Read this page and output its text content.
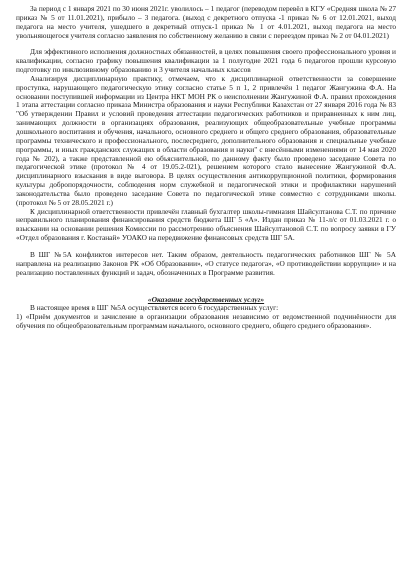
За период с 1 января 2021 по 30 июня 2021г. уволилось – 1 педагог (переводом перевёл в КГУ «Средняя школа № 27 приказ № 5 от 11.01.2021), прибыло – 3 педагога. (выход с декретного отпуска -1 приказ № 6 от 12.01.2021, выход педагога на место учителя, ушедшего в декретный отпуск-1 приказ № 1 от 4.01.2021, выход педагога на место увольняющегося учителя согласно заявления по собственному желанию в связи с переездом приказ № 2 от 04.01.2021)

Для эффективного исполнения должностных обязанностей, в целях повышения своего профессионального уровня и квалификации, согласно графику повышения квалификации за 1 полугодие 2021 года 6 педагогов прошли курсовую подготовку по инклюзивному образованию и 3 учителя начальных классов

Анализируя дисциплинарную практику, отмечаем, что к дисциплинарной ответственности за совершение проступка, нарушающего педагогическую этику согласно статье 5 п 1, 2 привлечён 1 педагог Жангужина Ф.А. На основании поступившей информации из Центра НКТ МОН РК о неисполнении Жангужиной Ф.А. правил прохождения 1 этапа аттестации согласно приказа Министра образования и науки Республики Казахстан от 27 января 2016 года № 83 "Об утверждении Правил и условий проведения аттестации педагогических работников и приравненных к ним лиц, занимающих должности в организациях образования, реализующих общеобразовательные учебные программы дошкольного воспитания и обучения, начального, основного среднего и общего среднего образования, образовательные программы технического и профессионального, послесреднего, дополнительного образования и специальные учебные программы, и иных гражданских служащих в области образования и науки" с внесёнными изменениями от 14 мая 2020 года № 202), а также представленной ею объяснительной, по данному факту было проведено заседание Совета по педагогической этике (протокол № 4 от 19.05.2-021), решением которого стало вынесение Жангужиной Ф.А. дисциплинарного взыскания в виде выговора. В целях осуществления антикоррупционной политики, формирования культуры добропорядочности, соблюдения норм служебной и педагогической этики и профилактики нарушений законодательства было проведено заседание Совета по педагогической этике совместно с сотрудниками школы. (протокол № 5 от 28.05.2021 г.)

К дисциплинарной ответственности привлечён главный бухгалтер школы-гимназия Шайсултанова С.Т. по причине неправильного планирования финансирования средств бюджета ШГ 5 «А». Издан приказ № 11-л/с от 01.03.2021 г. о взыскании на основании решения Комиссии по рассмотрению объяснения Шайсултановой С.Т. по вопросу заявки в ГУ «Отдел образования г. Костанай» УОАКО на передвижение финансовых средств ШГ 5А.

В ШГ №5А конфликтов интересов нет. Таким образом, деятельность педагогических работников ШГ № 5А направлена на реализацию Законов РК «Об Образовании», «О статусе педагога», «О противодействии коррупции» и на реализацию поставленных функций и задач, обозначенных в Программе развития.

«Оказание государственных услуг»

В настоящее время в ШГ №5А осуществляется всего 6 государственных услуг:

1) «Приём документов и зачисление в организации образования независимо от ведомственной подчинённости для обучения по общеобразовательным программам начального, основного среднего, общего среднего образования».
